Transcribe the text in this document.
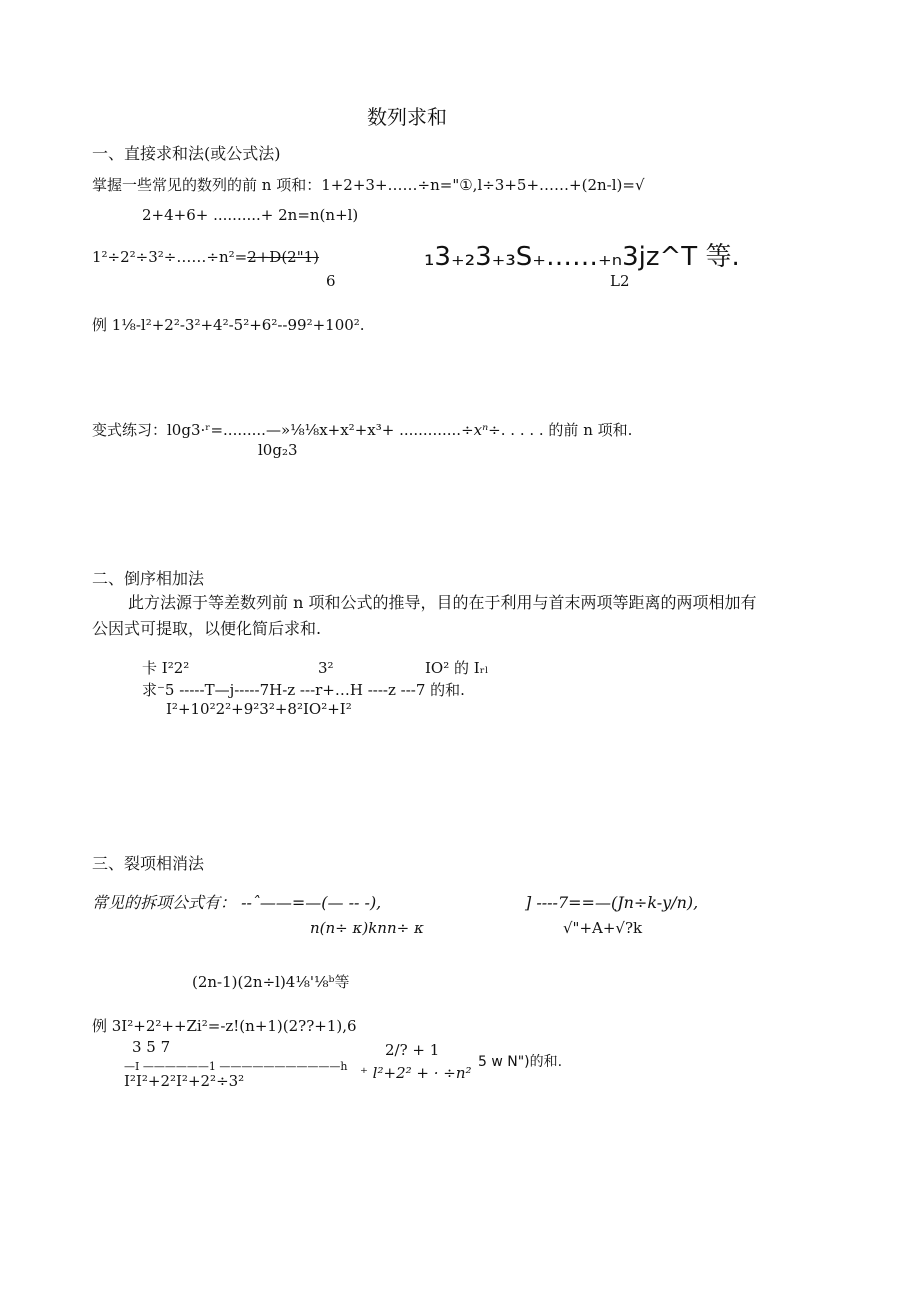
数列求和
一、直接求和法(或公式法)
掌握一些常见的数列的前 n 项和：1+2+3+……÷n="①,l÷3+5+……+(2n-l)=√
2+4+6+ ..........+ 2n=n(n+l)
1²÷2²÷3²÷……÷n²=2+D(2"1)
6
₁3₊₂3₊₃S₊……₊ₙ3jz^T 等.
L2
例 1⅛-l²+2²-3²+4²-5²+6²--99²+100².
变式练习：l0g3·ʳ=.........—»⅛⅛x+x²+x³+ .............÷xⁿ÷. . . . . 的前 n 项和.
l0g₂3
二、倒序相加法
此方法源于等差数列前 n 项和公式的推导，目的在于利用与首末两项等距离的两项相加有
公因式可提取，以便化简后求和.
卡 I²2²	3²	IO² 的 Iᵣₗ
求⁻5 -----T—j-----7H-z ---r+…H ----z ---7 的和.
I²+10²2²+9²3²+8²IO²+I²
三、裂项相消法
常见的拆项公式有： --ˆ——=—(— -- -),
n(n÷ κ)knn÷ κ
] ----7==—(Jn÷k-y∕n),
√"+A+√?k
(2n-1)(2n÷l)4⅛'⅛ᵇ等
例 3I²+2²++Zi²=-z!(n+1)(2??+1),6
3 5 7
—I ——————1 ———————————h
I²I²+2²I²+2²÷3²
2/? + 1
⁺ l²+2² + · ÷n²
5 w N")的和.
